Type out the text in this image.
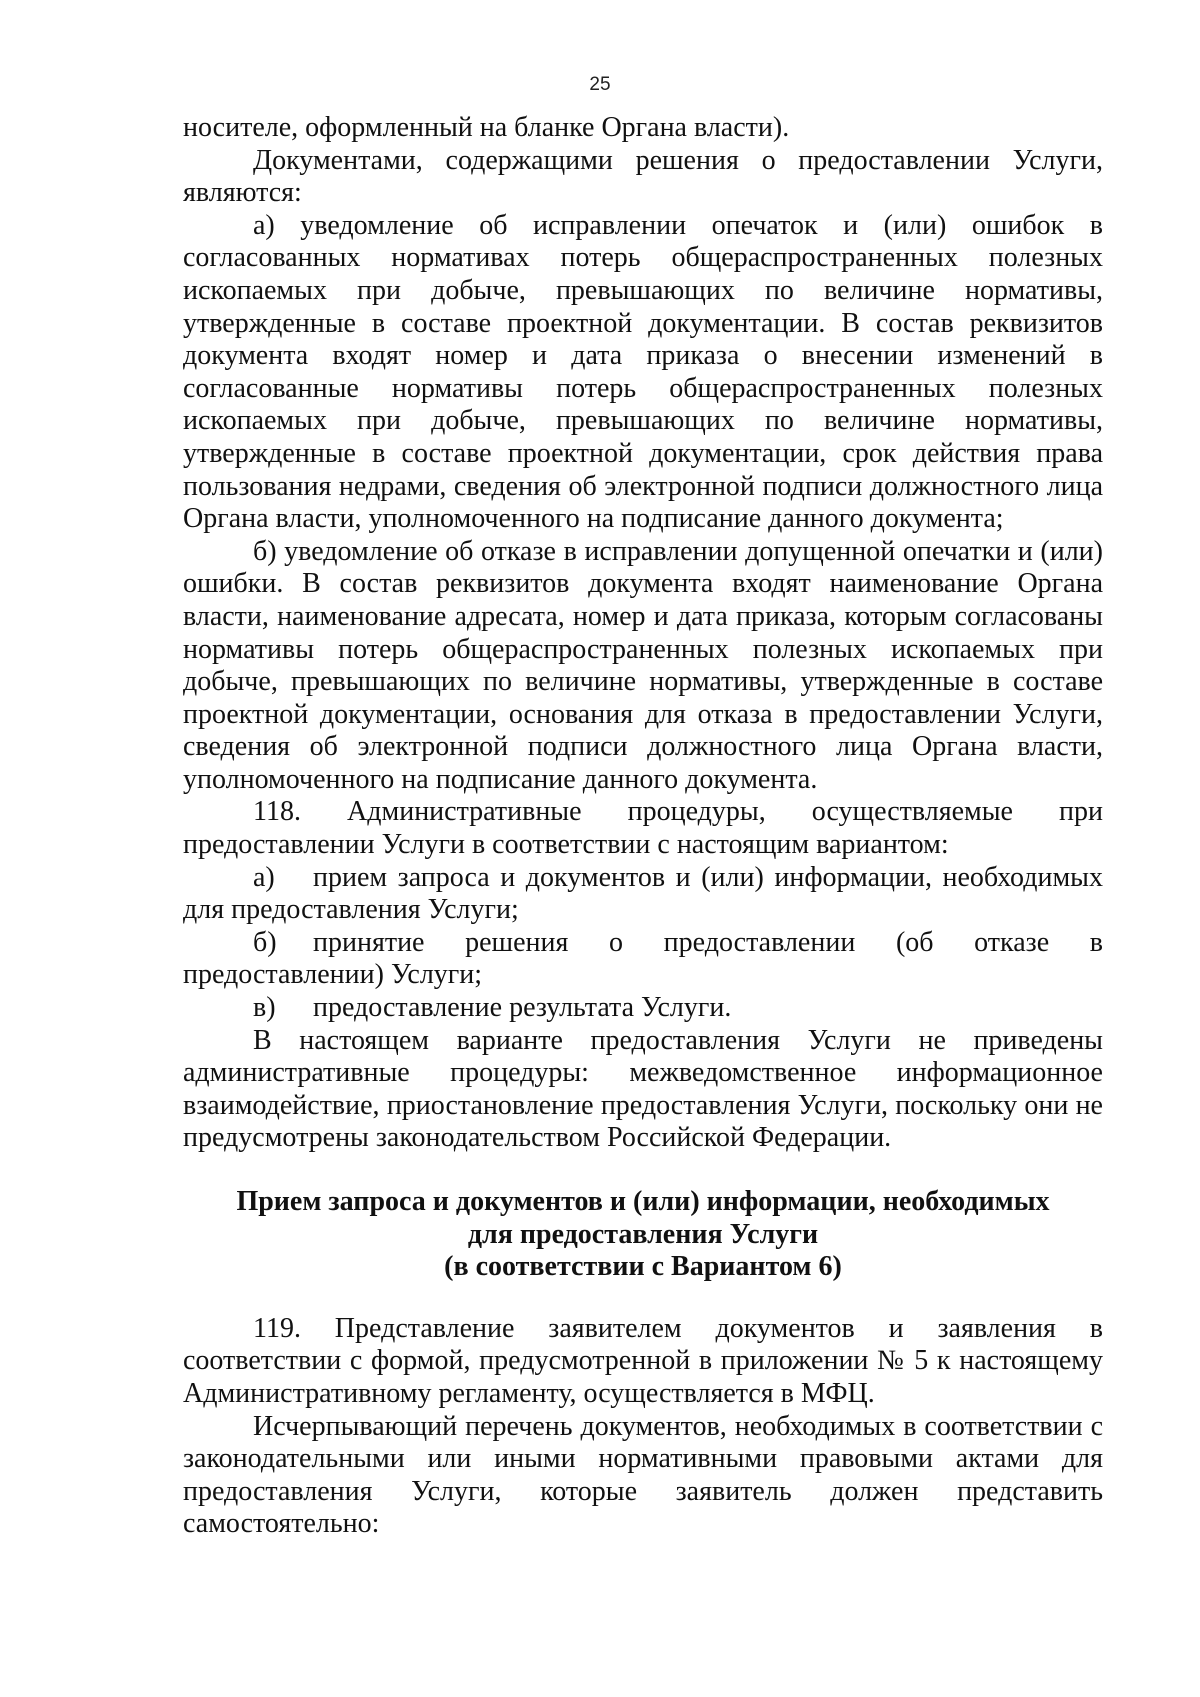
25

носителе, оформленный на бланке Органа власти).

Документами, содержащими решения о предоставлении Услуги, являются:

а) уведомление об исправлении опечаток и (или) ошибок в согласованных нормативах потерь общераспространенных полезных ископаемых при добыче, превышающих по величине нормативы, утвержденные в составе проектной документации. В состав реквизитов документа входят номер и дата приказа о внесении изменений в согласованные нормативы потерь общераспространенных полезных ископаемых при добыче, превышающих по величине нормативы, утвержденные в составе проектной документации, срок действия права пользования недрами, сведения об электронной подписи должностного лица Органа власти, уполномоченного на подписание данного документа;

б) уведомление об отказе в исправлении допущенной опечатки и (или) ошибки. В состав реквизитов документа входят наименование Органа власти, наименование адресата, номер и дата приказа, которым согласованы нормативы потерь общераспространенных полезных ископаемых при добыче, превышающих по величине нормативы, утвержденные в составе проектной документации, основания для отказа в предоставлении Услуги, сведения об электронной подписи должностного лица Органа власти, уполномоченного на подписание данного документа.

118. Административные процедуры, осуществляемые при предоставлении Услуги в соответствии с настоящим вариантом:

а) прием запроса и документов и (или) информации, необходимых для предоставления Услуги;

б) принятие решения о предоставлении (об отказе в предоставлении) Услуги;

в) предоставление результата Услуги.

В настоящем варианте предоставления Услуги не приведены административные процедуры: межведомственное информационное взаимодействие, приостановление предоставления Услуги, поскольку они не предусмотрены законодательством Российской Федерации.

Прием запроса и документов и (или) информации, необходимых
для предоставления Услуги
(в соответствии с Вариантом 6)

119. Представление заявителем документов и заявления в соответствии с формой, предусмотренной в приложении № 5 к настоящему Административному регламенту, осуществляется в МФЦ.

Исчерпывающий перечень документов, необходимых в соответствии с законодательными или иными нормативными правовыми актами для предоставления Услуги, которые заявитель должен представить самостоятельно:
